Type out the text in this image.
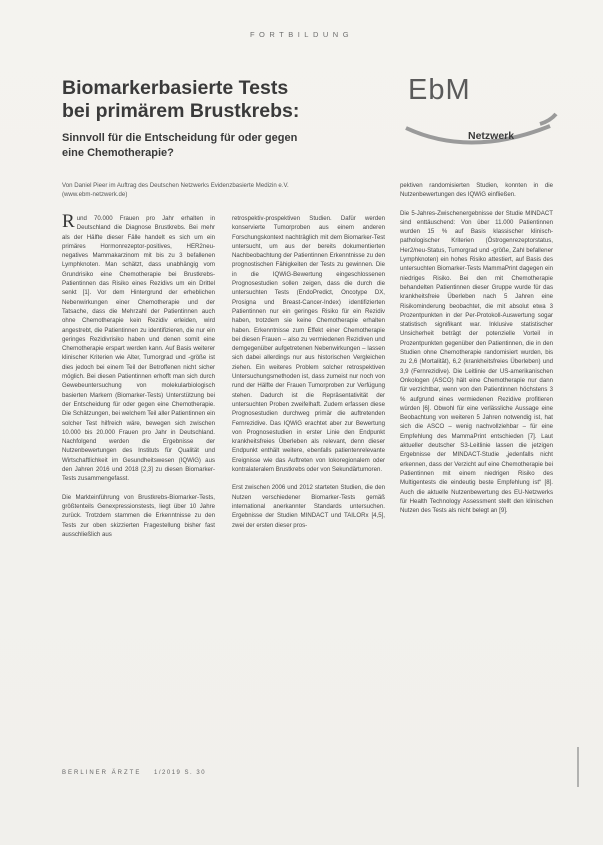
FORTBILDUNG
Biomarkerbasierte Tests
bei primärem Brustkrebs:
Sinnvoll für die Entscheidung für oder gegen
eine Chemotherapie?
EbM
Netzwerk
Von Daniel Pieer im Auftrag des Deutschen Netzwerks Evidenzbasierte Medizin e.V.
(www.ebm-netzwerk.de)

Rund 70.000 Frauen pro Jahr erhalten in Deutschland die Diagnose Brustkrebs. Bei mehr als der Hälfte dieser Fälle handelt es sich um ein primäres Hormonrezeptor-positives, HER2neu-negatives Mammakarzinom mit bis zu 3 befallenen Lymphknoten. Man schätzt, dass unabhängig vom Grundrisiko eine Chemotherapie bei Brustkrebs-Patientinnen das Risiko eines Rezidivs um ein Drittel senkt [1]. Vor dem Hintergrund der erheblichen Nebenwirkungen einer Chemotherapie und der Tatsache, dass die Mehrzahl der Patientinnen auch ohne Chemotherapie kein Rezidiv erleiden, wird angestrebt, die Patientinnen zu identifizieren, die nur ein geringes Rezidivrisiko haben und denen somit eine Chemotherapie erspart werden kann. Auf Basis weiterer klinischer Kriterien wie Alter, Tumorgrad und -größe ist dies jedoch bei einem Teil der Betroffenen nicht sicher möglich. Bei diesen Patientinnen erhofft man sich durch Gewebeuntersuchung von molekularbiologisch basierten Markern (Biomarker-Tests) Unterstützung bei der Entscheidung für oder gegen eine Chemotherapie. Die Schätzungen, bei welchem Teil aller Patientinnen ein solcher Test hilfreich wäre, bewegen sich zwischen 10.000 bis 20.000 Frauen pro Jahr in Deutschland. Nachfolgend werden die Ergebnisse der Nutzenbewertungen des Instituts für Qualität und Wirtschaftlichkeit im Gesundheitswesen (IQWiG) aus den Jahren 2016 und 2018 [2,3] zu diesen Biomarker-Tests zusammengefasst.

Die Markteinführung von Brustkrebs-Biomarker-Tests, größtenteils Genexpressionstests, liegt über 10 Jahre zurück. Trotzdem stammen die Erkenntnisse zu den Tests zur oben skizzierten Fragestellung bisher fast ausschließlich aus

retrospektiv-prospektiven Studien. Dafür werden konservierte Tumorproben aus einem anderen Forschungskontext nachträglich mit dem Biomarker-Test untersucht, um aus der bereits dokumentierten Nachbeobachtung der Patientinnen Erkenntnisse zu den prognostischen Fähigkeiten der Tests zu gewinnen. Die in die IQWiG-Bewertung eingeschlossenen Prognosestudien sollen zeigen, dass die durch die untersuchten Tests (EndoPredict, Oncotype DX, Prosigna und Breast-Cancer-Index) identifizierten Patientinnen nur ein geringes Risiko für ein Rezidiv haben, trotzdem sie keine Chemotherapie erhalten haben. Erkenntnisse zum Effekt einer Chemotherapie bei diesen Frauen – also zu vermiedenen Rezidiven und demgegenüber aufgetretenen Nebenwirkungen – lassen sich dabei allerdings nur aus historischen Vergleichen ziehen. Ein weiteres Problem solcher retrospektiven Untersuchungsmethoden ist, dass zumeist nur noch von rund der Hälfte der Frauen Tumorproben zur Verfügung stehen. Dadurch ist die Repräsentativität der untersuchten Proben zweifelhaft. Zudem erfassen diese Prognosestudien durchweg primär die auftretenden Fernrezidive. Das IQWiG erachtet aber zur Bewertung von Prognosestudien in erster Linie den Endpunkt krankheitsfreies Überleben als relevant, denn dieser Endpunkt enthält weitere, ebenfalls patientenrelevante Ereignisse wie das Auftreten von lokoregionalem oder kontralateralem Brustkrebs oder von Sekundärtumoren.

Erst zwischen 2006 und 2012 starteten Studien, die den Nutzen verschiedener Biomarker-Tests gemäß international anerkannter Standards untersuchen. Ergebnisse der Studien MINDACT und TAILORx [4,5], zwei der ersten dieser pros-

pektiven randomisierten Studien, konnten in die Nutzenbewertungen des IQWiG einfließen.

Die 5-Jahres-Zwischenergebnisse der Studie MINDACT sind enttäuschend: Von über 11.000 Patientinnen wurden 15 % auf Basis klassischer klinisch-pathologischer Kriterien (Östrogenrezeptorstatus, Her2/neu-Status, Tumorgrad und -größe, Zahl befallener Lymphknoten) ein hohes Risiko attestiert, auf Basis des untersuchten Biomarker-Tests MammaPrint dagegen ein niedriges Risiko. Bei den mit Chemotherapie behandelten Patientinnen dieser Gruppe wurde für das krankheitsfreie Überleben nach 5 Jahren eine Risikominderung beobachtet, die mit absolut etwa 3 Prozentpunkten in der Per-Protokoll-Auswertung sogar statistisch signifikant war. Inklusive statistischer Unsicherheit beträgt der potenzielle Vorteil in Prozentpunkten gegenüber den Patientinnen, die in den Studien ohne Chemotherapie randomisiert wurden, bis zu 2,6 (Mortalität), 6,2 (krankheitsfreies Überleben) und 3,9 (Fernrezidive). Die Leitlinie der US-amerikanischen Onkologen (ASCO) hält eine Chemotherapie nur dann für verzichtbar, wenn von den Patientinnen höchstens 3 % aufgrund eines vermiedenen Rezidive profitieren würden [6]. Obwohl für eine verlässliche Aussage eine Beobachtung von weiteren 5 Jahren notwendig ist, hat sich die ASCO – wenig nachvollziehbar – für eine Empfehlung des MammaPrint entschieden [7]. Laut aktueller deutscher S3-Leitlinie lassen die jetzigen Ergebnisse der MINDACT-Studie „jedenfalls nicht erkennen, dass der Verzicht auf eine Chemotherapie bei Patientinnen mit einem niedrigen Risiko des Multigentests die eindeutig beste Empfehlung ist“ [8]. Auch die aktuelle Nutzenbewertung des EU-Netzwerks für Health Technology Assessment stellt den klinischen Nutzen des Tests als nicht belegt an [9].

BERLINER ÄRZTE 1/2019 S. 30
